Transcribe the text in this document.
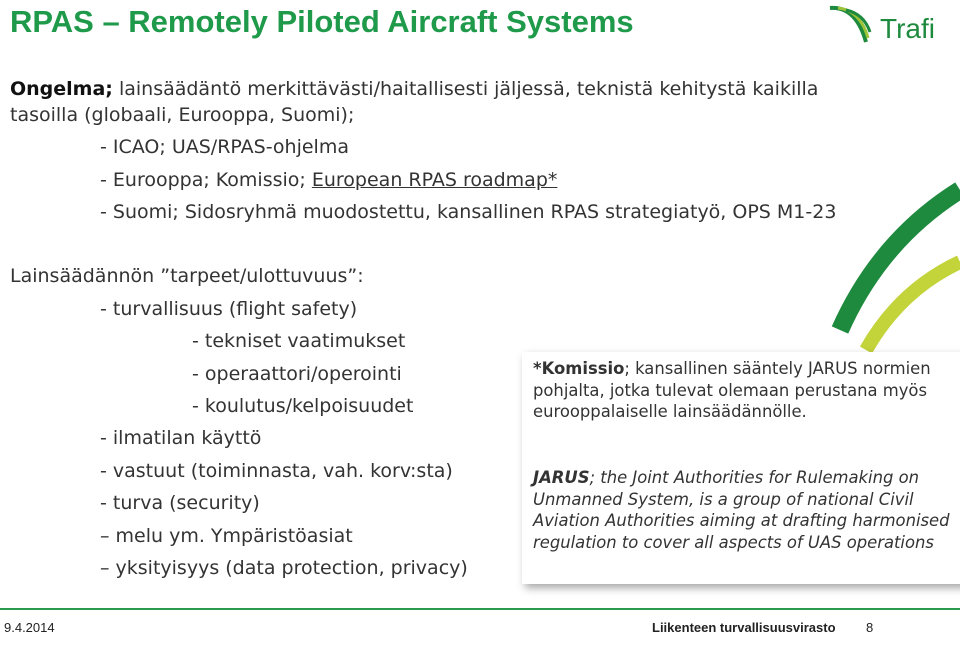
RPAS – Remotely Piloted Aircraft Systems	Trafi
Ongelma; lainsäädäntö merkittävästi/haitallisesti jäljessä, teknistä kehitystä kaikilla
tasoilla (globaali, Eurooppa, Suomi);
- ICAO; UAS/RPAS-ohjelma
- Eurooppa; Komissio; European RPAS roadmap*
- Suomi; Sidosryhmä muodostettu, kansallinen RPAS strategiatyö, OPS M1-23
Lainsäädännön ”tarpeet/ulottuvuus”:
- turvallisuus (flight safety)
- tekniset vaatimukset
- operaattori/operointi
- koulutus/kelpoisuudet
- ilmatilan käyttö
- vastuut (toiminnasta, vah. korv:sta)
- turva (security)
– melu ym. Ympäristöasiat
– yksityisyys (data protection, privacy)

*Komissio; kansallinen sääntely JARUS normien pohjalta, jotka tulevat olemaan perustana myös eurooppalaiselle lainsäädännölle.

JARUS; the Joint Authorities for Rulemaking on Unmanned System, is a group of national Civil Aviation Authorities aiming at drafting harmonised regulation to cover all aspects of UAS operations

9.4.2014	Liikenteen turvallisuusvirasto 8
